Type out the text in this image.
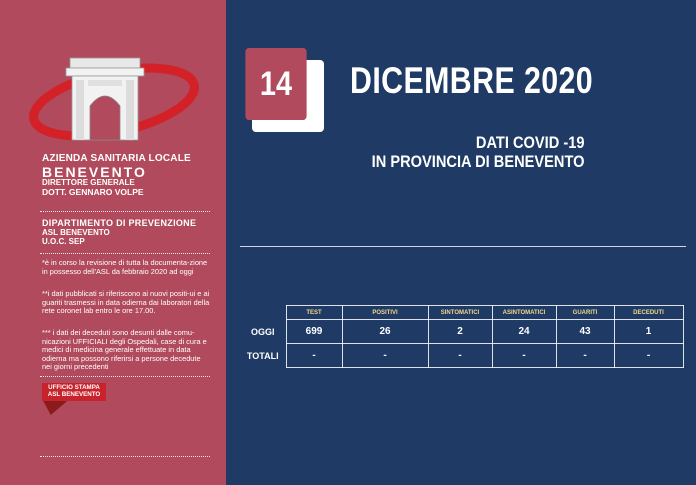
AZIENDA SANITARIA LOCALE
BENEVENTO
DIRETTORE GENERALE
DOTT. GENNARO VOLPE
DIPARTIMENTO DI PREVENZIONE
ASL BENEVENTO
U.O.C. SEP
*è in corso la revisione di tutta la documenta-zione in possesso dell'ASL da febbraio 2020 ad oggi
**i dati pubblicati si riferiscono ai nuovi positi-ui e ai guariti trasmessi in data odierna dai laboratori della rete coronet lab entro le ore 17.00.
*** i dati dei deceduti sono desunti dalle comu-nicazioni UFFICIALI degli Ospedali, case di cura e medici di medicina generale effettuate in data odierna ma possono riferirsi a persone decedute nei giorni precedenti
UFFICIO STAMPA
ASL BENEVENTO
14	DICEMBRE 2020
DATI COVID -19
IN PROVINCIA DI BENEVENTO
	TEST	POSITIVI	SINTOMATICI	ASINTOMATICI	GUARITI	DECEDUTI
OGGI	699	26	2	24	43	1
TOTALI	-	-	-	-	-	-
